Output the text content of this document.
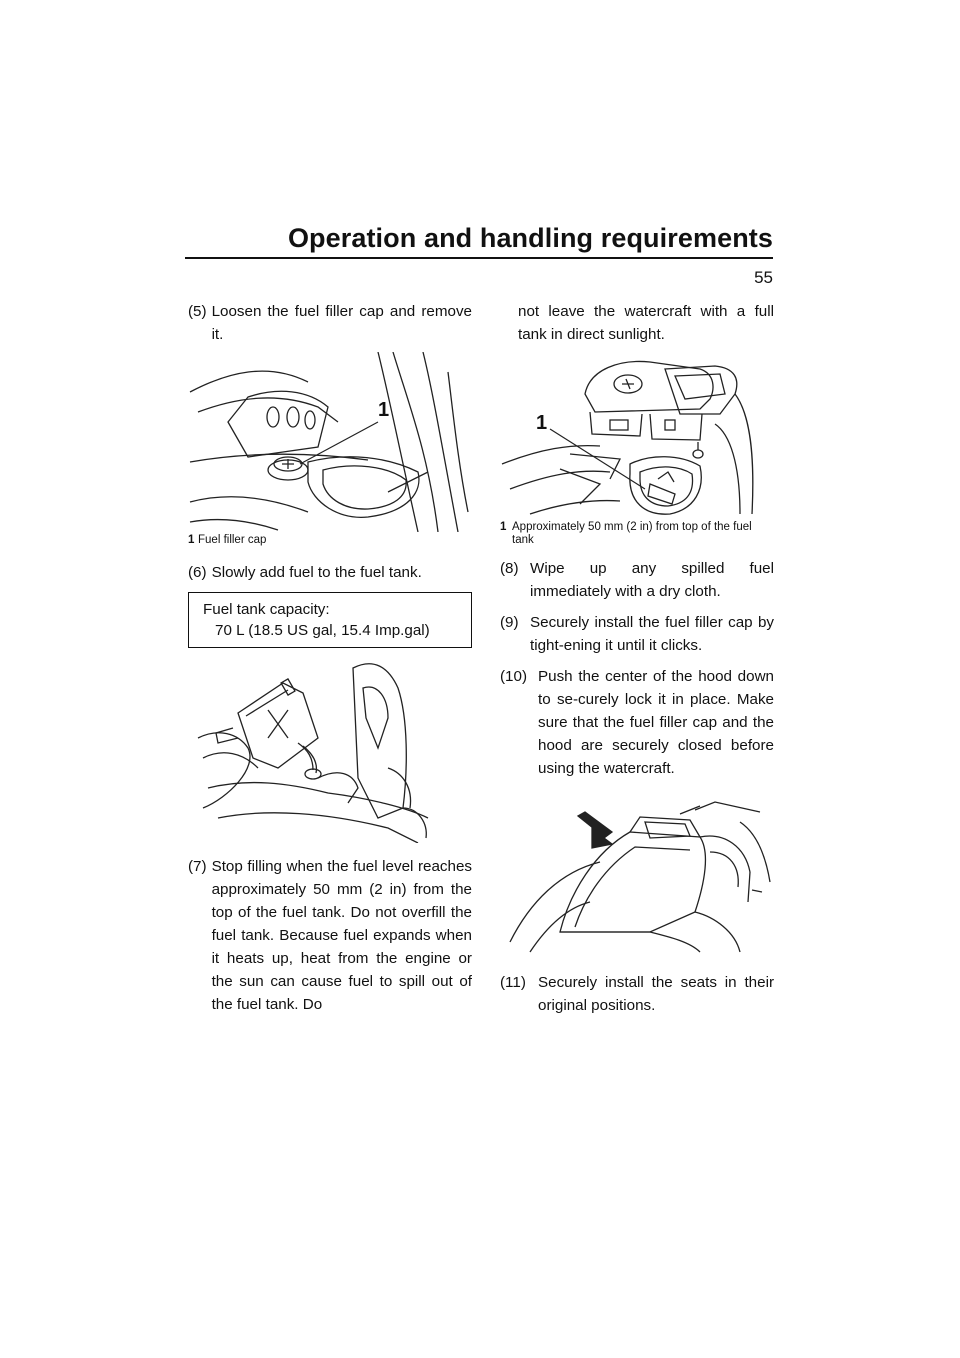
Operation and handling requirements
55
(5) Loosen the fuel filler cap and remove it.
1
1 Fuel filler cap
(6) Slowly add fuel to the fuel tank.
Fuel tank capacity:
70 L (18.5 US gal, 15.4 Imp.gal)
(7) Stop filling when the fuel level reaches approximately 50 mm (2 in) from the top of the fuel tank. Do not overfill the fuel tank. Because fuel expands when it heats up, heat from the engine or the sun can cause fuel to spill out of the fuel tank. Do
not leave the watercraft with a full tank in direct sunlight.
1
1 Approximately 50 mm (2 in) from top of the fuel tank
(8) Wipe up any spilled fuel immediately with a dry cloth.
(9) Securely install the fuel filler cap by tight-ening it until it clicks.
(10) Push the center of the hood down to se-curely lock it in place. Make sure that the fuel filler cap and the hood are securely closed before using the watercraft.
(11) Securely install the seats in their original positions.
